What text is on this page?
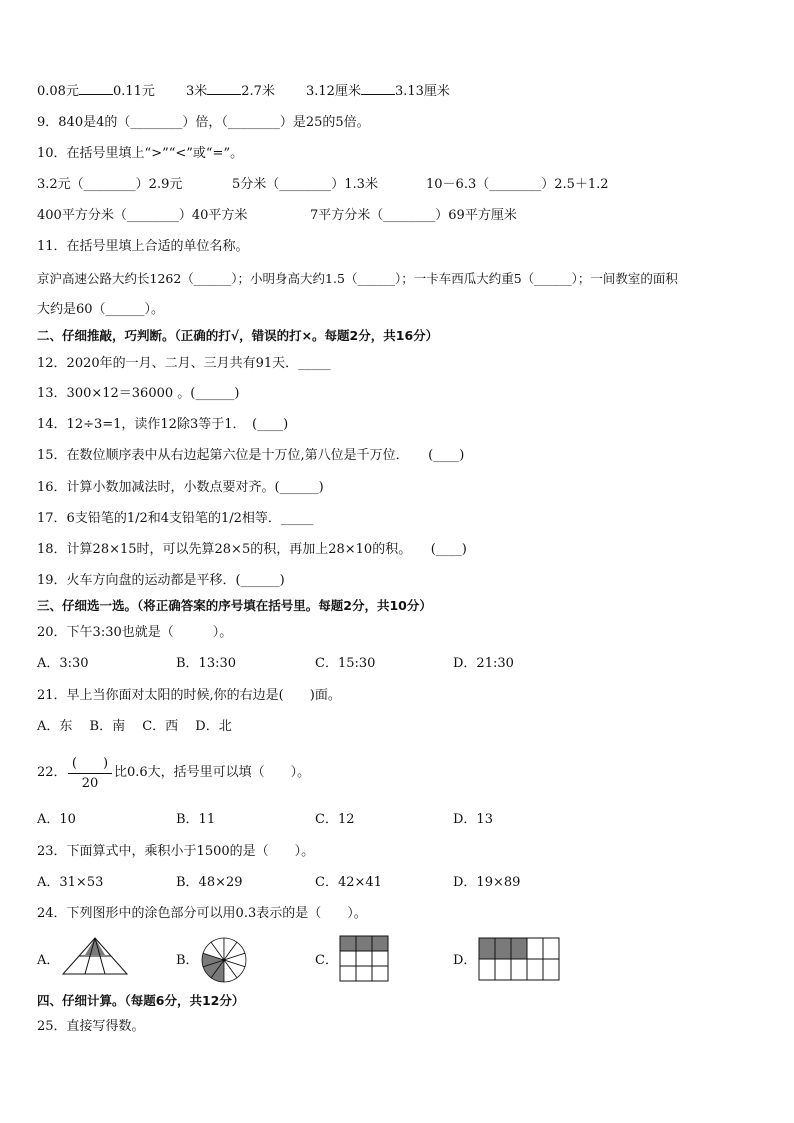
0.08元	0.11元 3米	2.7米 3.12厘米	3.13厘米
9．840是4的（________）倍，（________）是25的5倍。
10．在括号里填上“>”“<”或“=”。
3.2元（________）2.9元	5分米（________）1.3米	10－6.3（________）2.5＋1.2
400平方分米（________）40平方米	7平方分米（________）69平方厘米
11．在括号里填上合适的单位名称。
京沪高速公路大约长1262（______）；小明身高大约1.5（______）；一卡车西瓜大约重5（______）；一间教室的面积
大约是60（______）。
二、仔细推敲，巧判断。（正确的打√，错误的打×。每题2分，共16分）
12．2020年的一月、二月、三月共有91天．_____
13．300×12＝36000 。(______)
14．12÷3=1，读作12除3等于1．　(____)
15．在数位顺序表中从右边起第六位是十万位,第八位是千万位．　　(____)
16．计算小数加减法时，小数点要对齐。(______)
17．6支铅笔的1/2和4支铅笔的1/2相等．_____
18．计算28×15时，可以先算28×5的积，再加上28×10的积。　　(____)
19．火车方向盘的运动都是平移．(______)
三、仔细选一选。（将正确答案的序号填在括号里。每题2分，共10分）
20．下午3:30也就是（　　　）。
A．3:30	B．13:30	C．15:30	D．21:30
21．早上当你面对太阳的时候,你的右边是(　　)面。
A．东　 B．南　 C．西　 D．北
22．
(　　)
20
比0.6大，括号里可以填（　　）。
A．10	B．11	C．12	D．13
23．下面算式中，乘积小于1500的是（　　）。
A．31×53	B．48×29	C．42×41	D．19×89
24．下列图形中的涂色部分可以用0.3表示的是（　　）。
A．	B．	C．	D．
四、仔细计算。（每题6分，共12分）
25．直接写得数。
